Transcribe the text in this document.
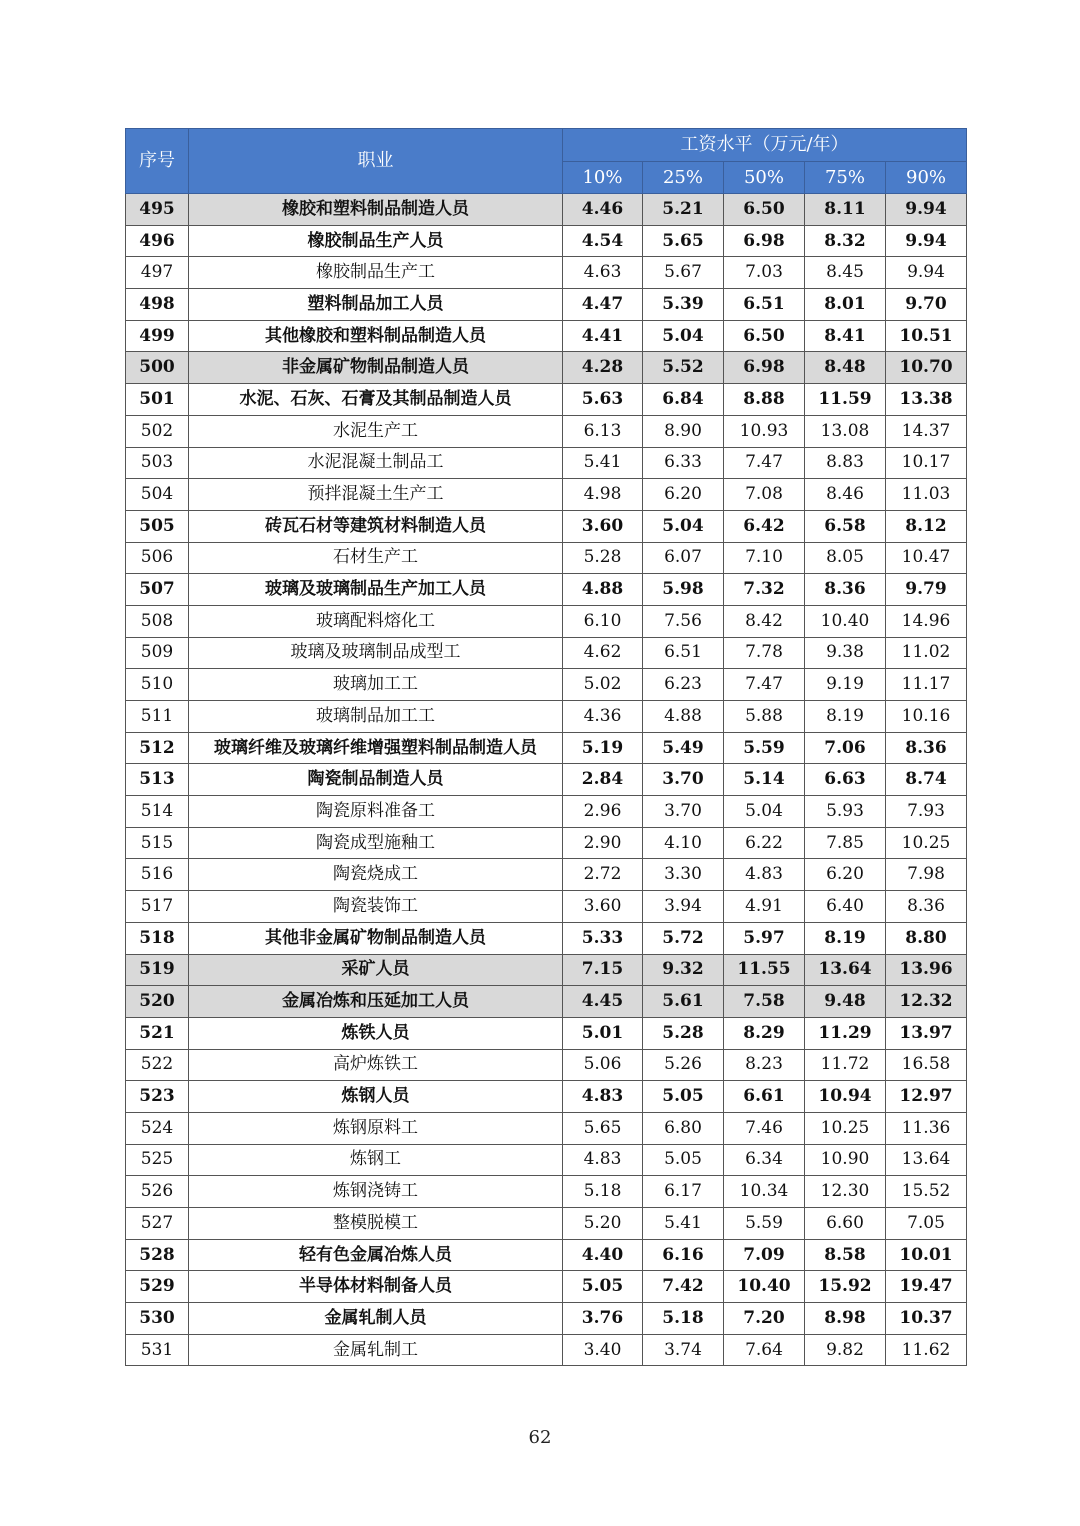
序号	职业	工资水平（万元/年）				
		10%	25%	50%	75%	90%
495	橡胶和塑料制品制造人员	4.46	5.21	6.50	8.11	9.94
496	橡胶制品生产人员	4.54	5.65	6.98	8.32	9.94
497	橡胶制品生产工	4.63	5.67	7.03	8.45	9.94
498	塑料制品加工人员	4.47	5.39	6.51	8.01	9.70
499	其他橡胶和塑料制品制造人员	4.41	5.04	6.50	8.41	10.51
500	非金属矿物制品制造人员	4.28	5.52	6.98	8.48	10.70
501	水泥、石灰、石膏及其制品制造人员	5.63	6.84	8.88	11.59	13.38
502	水泥生产工	6.13	8.90	10.93	13.08	14.37
503	水泥混凝土制品工	5.41	6.33	7.47	8.83	10.17
504	预拌混凝土生产工	4.98	6.20	7.08	8.46	11.03
505	砖瓦石材等建筑材料制造人员	3.60	5.04	6.42	6.58	8.12
506	石材生产工	5.28	6.07	7.10	8.05	10.47
507	玻璃及玻璃制品生产加工人员	4.88	5.98	7.32	8.36	9.79
508	玻璃配料熔化工	6.10	7.56	8.42	10.40	14.96
509	玻璃及玻璃制品成型工	4.62	6.51	7.78	9.38	11.02
510	玻璃加工工	5.02	6.23	7.47	9.19	11.17
511	玻璃制品加工工	4.36	4.88	5.88	8.19	10.16
512	玻璃纤维及玻璃纤维增强塑料制品制造人员	5.19	5.49	5.59	7.06	8.36
513	陶瓷制品制造人员	2.84	3.70	5.14	6.63	8.74
514	陶瓷原料准备工	2.96	3.70	5.04	5.93	7.93
515	陶瓷成型施釉工	2.90	4.10	6.22	7.85	10.25
516	陶瓷烧成工	2.72	3.30	4.83	6.20	7.98
517	陶瓷装饰工	3.60	3.94	4.91	6.40	8.36
518	其他非金属矿物制品制造人员	5.33	5.72	5.97	8.19	8.80
519	采矿人员	7.15	9.32	11.55	13.64	13.96
520	金属冶炼和压延加工人员	4.45	5.61	7.58	9.48	12.32
521	炼铁人员	5.01	5.28	8.29	11.29	13.97
522	高炉炼铁工	5.06	5.26	8.23	11.72	16.58
523	炼钢人员	4.83	5.05	6.61	10.94	12.97
524	炼钢原料工	5.65	6.80	7.46	10.25	11.36
525	炼钢工	4.83	5.05	6.34	10.90	13.64
526	炼钢浇铸工	5.18	6.17	10.34	12.30	15.52
527	整模脱模工	5.20	5.41	5.59	6.60	7.05
528	轻有色金属冶炼人员	4.40	6.16	7.09	8.58	10.01
529	半导体材料制备人员	5.05	7.42	10.40	15.92	19.47
530	金属轧制人员	3.76	5.18	7.20	8.98	10.37
531	金属轧制工	3.40	3.74	7.64	9.82	11.62
62
